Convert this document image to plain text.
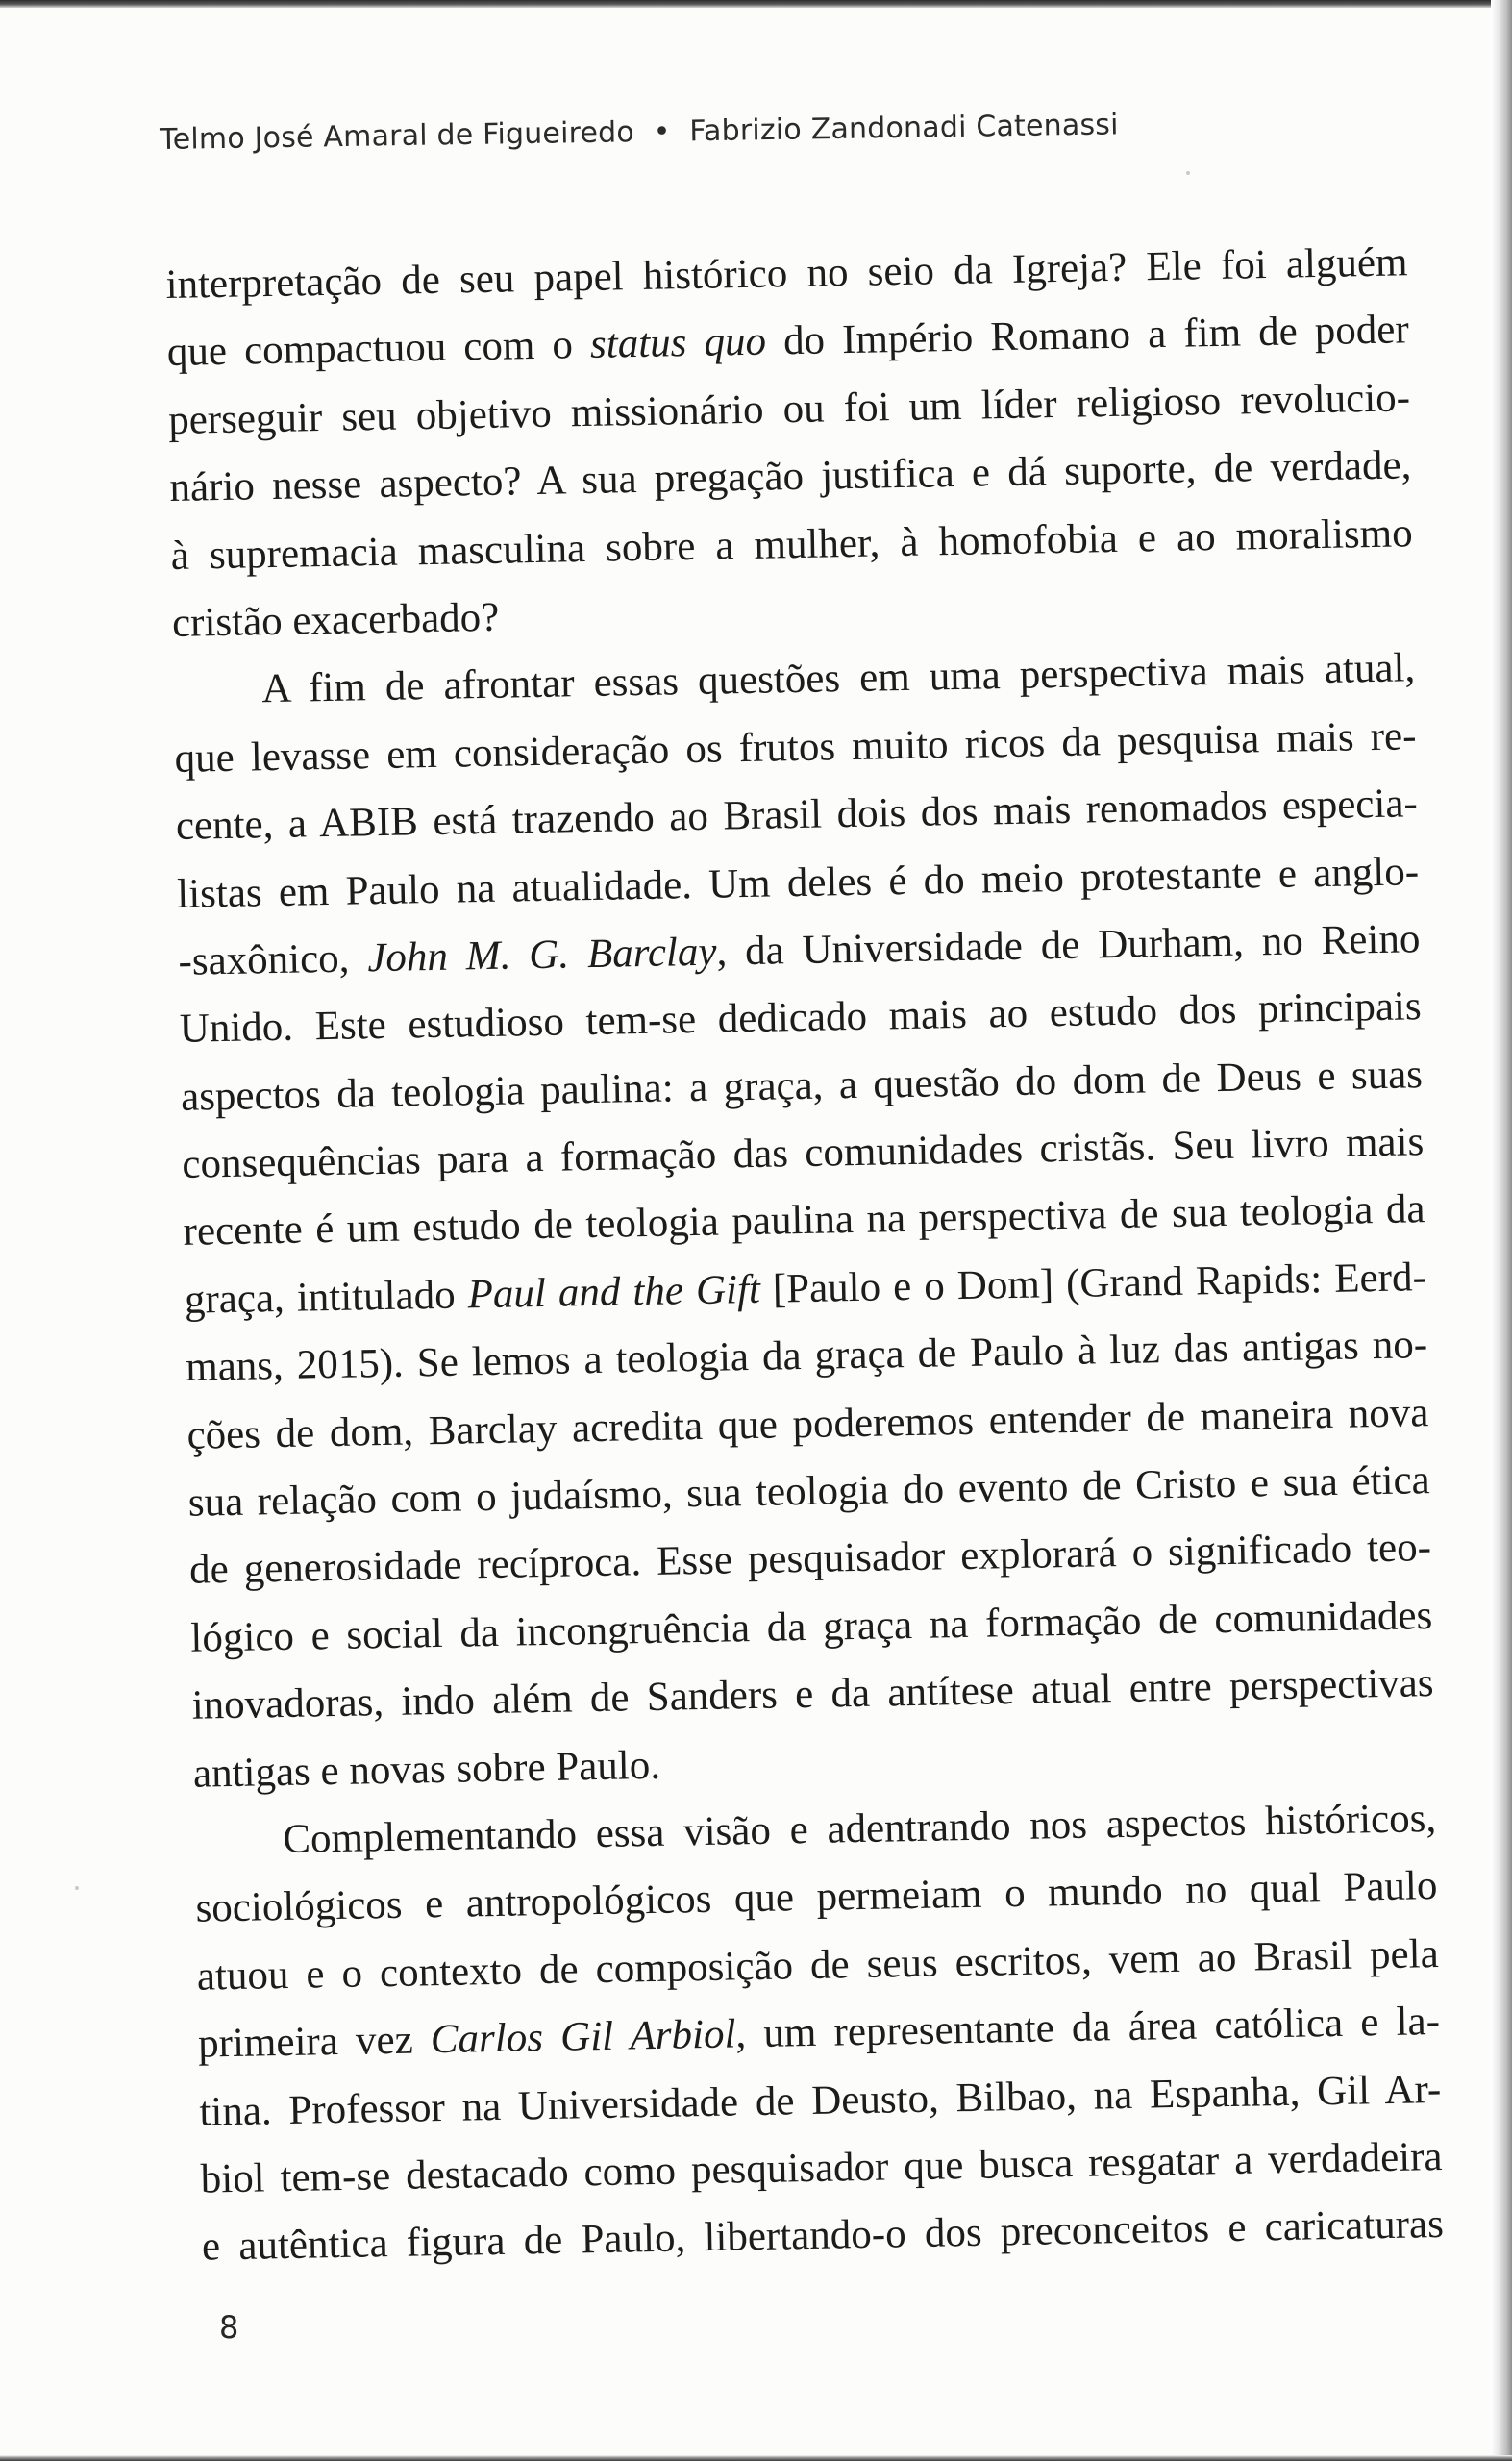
Telmo José Amaral de Figueiredo • Fabrizio Zandonadi Catenassi
interpretação de seu papel histórico no seio da Igreja? Ele foi alguém
que compactuou com o status quo do Império Romano a fim de poder
perseguir seu objetivo missionário ou foi um líder religioso revolucio-
nário nesse aspecto? A sua pregação justifica e dá suporte, de verdade,
à supremacia masculina sobre a mulher, à homofobia e ao moralismo
cristão exacerbado?
A fim de afrontar essas questões em uma perspectiva mais atual,
que levasse em consideração os frutos muito ricos da pesquisa mais re-
cente, a ABIB está trazendo ao Brasil dois dos mais renomados especia-
listas em Paulo na atualidade. Um deles é do meio protestante e anglo-
-saxônico, John M. G. Barclay, da Universidade de Durham, no Reino
Unido. Este estudioso tem-se dedicado mais ao estudo dos principais
aspectos da teologia paulina: a graça, a questão do dom de Deus e suas
consequências para a formação das comunidades cristãs. Seu livro mais
recente é um estudo de teologia paulina na perspectiva de sua teologia da
graça, intitulado Paul and the Gift [Paulo e o Dom] (Grand Rapids: Eerd-
mans, 2015). Se lemos a teologia da graça de Paulo à luz das antigas no-
ções de dom, Barclay acredita que poderemos entender de maneira nova
sua relação com o judaísmo, sua teologia do evento de Cristo e sua ética
de generosidade recíproca. Esse pesquisador explorará o significado teo-
lógico e social da incongruência da graça na formação de comunidades
inovadoras, indo além de Sanders e da antítese atual entre perspectivas
antigas e novas sobre Paulo.
Complementando essa visão e adentrando nos aspectos históricos,
sociológicos e antropológicos que permeiam o mundo no qual Paulo
atuou e o contexto de composição de seus escritos, vem ao Brasil pela
primeira vez Carlos Gil Arbiol, um representante da área católica e la-
tina. Professor na Universidade de Deusto, Bilbao, na Espanha, Gil Ar-
biol tem-se destacado como pesquisador que busca resgatar a verdadeira
e autêntica figura de Paulo, libertando-o dos preconceitos e caricaturas
8
